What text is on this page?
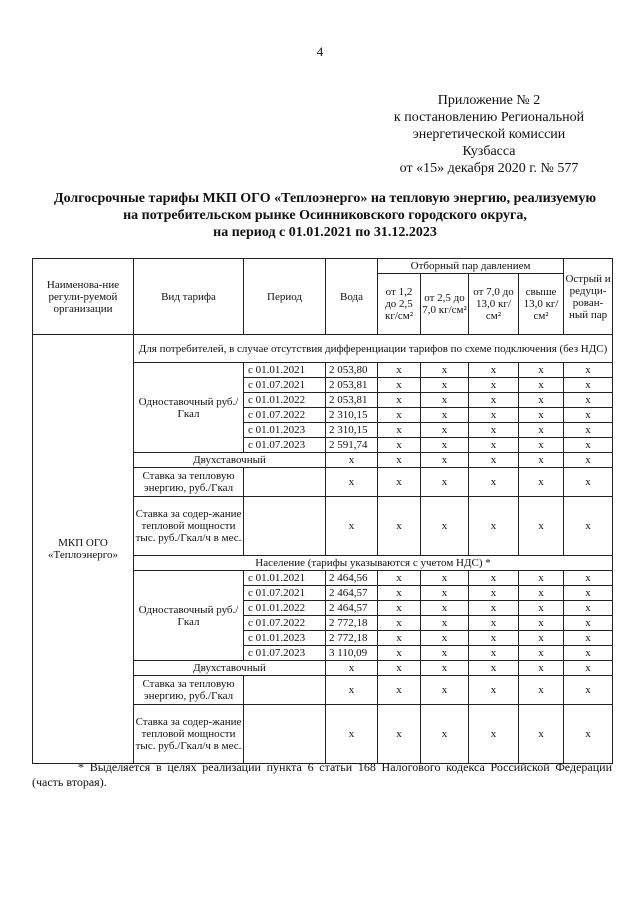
4
Приложение № 2
к постановлению Региональной
энергетической комиссии
Кузбасса
от «15» декабря 2020 г. № 577
Долгосрочные тарифы МКП ОГО «Теплоэнерго» на тепловую энергию, реализуемую
на потребительском рынке Осинниковского городского округа,
на период с 01.01.2021 по 31.12.2023
Наименова-ние регули-руемой организации	Вид тарифа	Период	Вода	Отборный пар давлением				Острый и редуци-рован-ный пар
				от 1,2 до 2,5 кг/см²	от 2,5 до 7,0 кг/см²	от 7,0 до 13,0 кг/см²	свыше 13,0 кг/см²	
МКП ОГО «Теплоэнерго»	Для потребителей, в случае отсутствия дифференциации тарифов по схеме подключения (без НДС)							
	Одноставочный руб./Гкал	с 01.01.2021	2 053,80	x	x	x	x	x
		с 01.07.2021	2 053,81	x	x	x	x	x
		с 01.01.2022	2 053,81	x	x	x	x	x
		с 01.07.2022	2 310,15	x	x	x	x	x
		с 01.01.2023	2 310,15	x	x	x	x	x
		с 01.07.2023	2 591,74	x	x	x	x	x
	Двухставочный		x	x	x	x	x	x
	Ставка за тепловую энергию, руб./Гкал		x	x	x	x	x	x
	Ставка за содер-жание тепловой мощности тыс. руб./Гкал/ч в мес.		x	x	x	x	x	x
	Население (тарифы указываются с учетом НДС) *							
	Одноставочный руб./Гкал	с 01.01.2021	2 464,56	x	x	x	x	x
		с 01.07.2021	2 464,57	x	x	x	x	x
		с 01.01.2022	2 464,57	x	x	x	x	x
		с 01.07.2022	2 772,18	x	x	x	x	x
		с 01.01.2023	2 772,18	x	x	x	x	x
		с 01.07.2023	3 110,09	x	x	x	x	x
	Двухставочный		x	x	x	x	x	x
	Ставка за тепловую энергию, руб./Гкал		x	x	x	x	x	x
	Ставка за содер-жание тепловой мощности тыс. руб./Гкал/ч в мес.		x	x	x	x	x	x
* Выделяется в целях реализации пункта 6 статьи 168 Налогового кодекса Российской Федерации (часть вторая).
